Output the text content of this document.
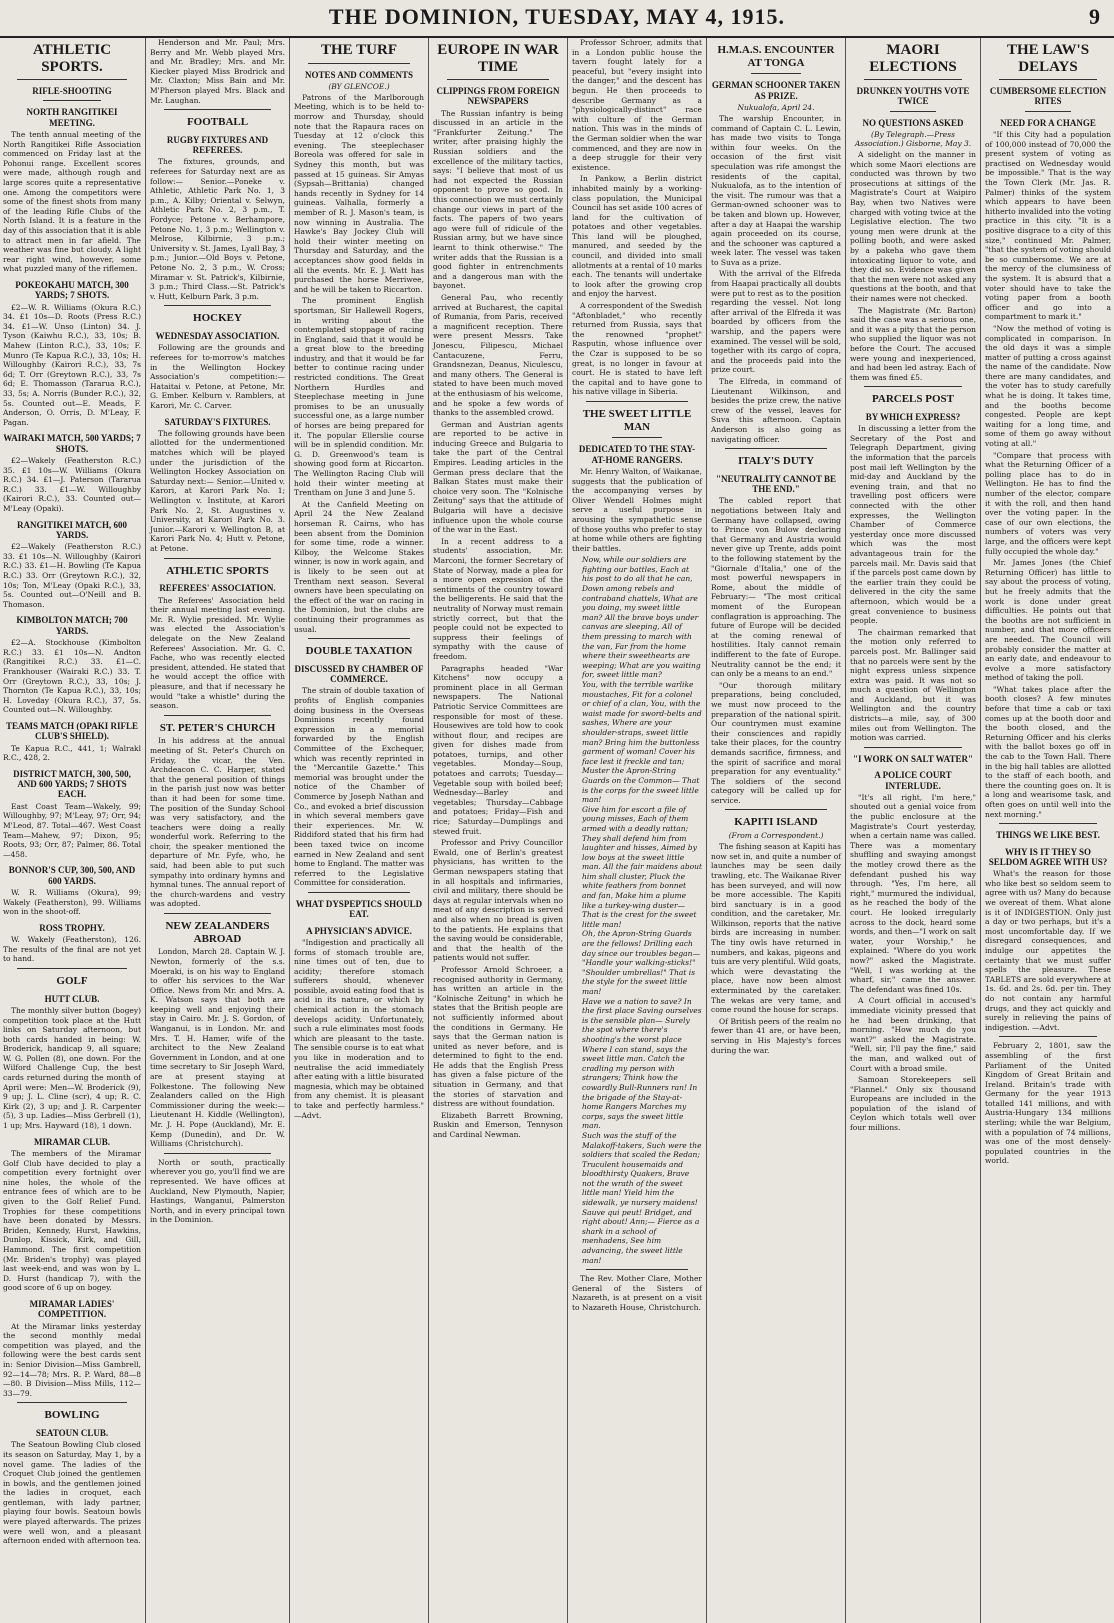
THE DOMINION, TUESDAY, MAY 4, 1915.	9
ATHLETIC SPORTS.
RIFLE-SHOOTING
NORTH RANGITIKEI MEETING.

The tenth annual meeting of the North Rangitikei Rifle Association commenced on Friday last at the Pohonui range. Excellent scores were made, although rough and large scores quite a representative one. Among the competitors were some of the finest shots from many of the leading Rifle Clubs of the North Island. It is a feature in the day of this association that it is able to attract men in far afield. The weather was fine but cloudy. A light rear right wind, however, some what puzzled many of the riflemen.

POKEOKAHU MATCH, 300 YARDS; 7 SHOTS.

£2—W. R. Williams (Okura R.C.) 34. £1 10s—D. Roots (Press R.C.) 34. £1—W. Unso (Linton) 34. J. Tyson (Kaiwhu R.C.), 33, 10s; B. Mahew (Linton R.C.), 33, 10s; F. Munro (Te Kapua R.C.), 33, 10s; H. Willoughby (Kairori R.C.), 33, 7s 6d; T. Orr (Greytown R.C.), 33, 7s 6d; E. Thomasson (Tararua R.C.), 33, 5s; A. Norris (Bunder R.C.), 32, 5s. Counted out—E. Meads, F. Anderson, O. Orris, D. M'Leay, F. Pagan.

WAIRAKI MATCH, 500 YARDS; 7 SHOTS.

£2—Wakely (Featherston R.C.) 35. £1 10s—W. Williams (Okura R.C.) 34. £1—J. Paterson (Tararua R.C.) 33. £1—W. Willoughby (Kairori R.C.), 33. Counted out—M'Leay (Opaki).

RANGITIKEI MATCH, 600 YARDS.

£2—Wakely (Featherston R.C.) 33. £1 10s—N. Willoughby (Kairori R.C.) 33. £1—H. Bowling (Te Kapua R.C.) 33. Orr (Greytown R.C.), 32, 10s; Ton, M'Leay (Opaki R.C.), 33, 5s. Counted out—O'Neill and B. Thomason.

KIMBOLTON MATCH; 700 YARDS.

£2—A. Stockhouse (Kimbolton R.C.) 33. £1 10s—N. Andton (Rangitikei R.C.) 33. £1—C. Frankhouser (Wairaki R.C.) 33. T. Orr (Greytown R.C.), 33, 10s; J. Thornton (Te Kapua R.C.), 33, 10s; H. Loveday (Okura R.C.), 37, 5s. Counted out—N. Willoughby.

TEAMS MATCH (OPAKI RIFLE CLUB'S SHIELD).

Te Kapua R.C., 441, 1; Walrakl R.C., 428, 2.

DISTRICT MATCH, 300, 500, AND 600 YARDS; 7 SHOTS EACH.

East Coast Team—Wakely, 99; Willoughby, 97; M'Leay, 97; Orr, 94; M'Leod, 87. Total—467. West Coast Team—Mahew, 97; Dixon, 95; Roots, 93; Orr, 87; Palmer, 86. Total—458.

BONNOR'S CUP, 300, 500, AND 600 YARDS.

W. R. Williams (Okura), 99; Wakely (Featherston), 99. Williams won in the shoot-off.

ROSS TROPHY.

W. Wakely (Featherston), 126. The results of the final are not yet to hand.

GOLF
HUTT CLUB.

The monthly silver button (bogey) competition took place at the Hutt links on Saturday afternoon, but both cards handed in being: W. Broderick, handicap 9, all square; W. G. Pollen (8), one down. For the Wilford Challenge Cup, the best cards returned during the month of April were: Men—W. Broderick (9), 9 up; J. L. Cline (scr), 4 up; R. C. Kirk (2), 3 up; and J. R. Carpenter (5), 3 up. Ladies—Miss Gerbrell (1), 1 up; Mrs. Hayward (18), 1 down.

MIRAMAR CLUB.

The members of the Miramar Golf Club have decided to play a competition every fortnight over nine holes, the whole of the entrance fees of which are to be given to the Golf Relief Fund. Trophies for these competitions have been donated by Messrs. Briden, Kennedy, Hurst, Hawkins, Dunlop, Kissick, Kirk, and Gill, Hammond. The first competition (Mr. Briden's trophy) was played last week-end, and was won by L. D. Hurst (handicap 7), with the good score of 6 up on bogey.

MIRAMAR LADIES' COMPETITION.

At the Miramar links yesterday the second monthly medal competition was played, and the following were the best cards sent in: Senior Division—Miss Gambrell, 92—14—78; Mrs. R. P. Ward, 88—8—80. B Division—Miss Mills, 112—33—79.

BOWLING
SEATOUN CLUB.

The Seatoun Bowling Club closed its season on Saturday, May 1, by a novel game. The ladies of the Croquet Club joined the gentlemen in bowls, and the gentlemen joined the ladies in croquet, each gentleman, with lady partner, playing four bowls. Seatoun bowls were played afterwards. The prizes were well won, and a pleasant afternoon ended with afternoon tea.

Henderson and Mr. Paul; Mrs. Berry and Mr. Webb played Mrs. and Mr. Bradley; Mrs. and Mr. Kiecker played Miss Brodrick and Mr. Claxton; Miss Bain and Mr. M'Pherson played Mrs. Black and Mr. Laughan.

FOOTBALL
RUGBY FIXTURES AND REFEREES.

The fixtures, grounds, and referees for Saturday next are as follow:— Senior.—Poneke v. Athletic, Athletic Park No. 1, 3 p.m., A. Kilby; Oriental v. Selwyn, Athletic Park No. 2, 3 p.m., T. Fordyce; Petone v. Berhampore, Petone No. 1, 3 p.m.; Wellington v. Melrose, Kilbirnie, 3 p.m.; University v. St. James, Lyall Bay, 3 p.m.; Junior.—Old Boys v. Petone, Petone No. 2, 3 p.m., W. Cross; Miramar v. St. Patrick's, Kilbirnie, 3 p.m.; Third Class.—St. Patrick's v. Hutt, Kelburn Park, 3 p.m.

HOCKEY
WEDNESDAY ASSOCIATION.

Following are the grounds and referees for to-morrow's matches in the Wellington Hockey Association's competition:— Hataitai v. Petone, at Petone, Mr. G. Ember. Kelburn v. Ramblers, at Karori, Mr. C. Carver.

SATURDAY'S FIXTURES.

The following grounds have been allotted for the undermentioned matches which will be played under the jurisdiction of the Wellington Hockey Association on Saturday next:— Senior.—United v. Karori, at Karori Park No. 1; Wellington v. Institute, at Karori Park No. 2, St. Augustines v. University, at Karori Park No. 3. Junior.—Karori v. Wellington B, at Karori Park No. 4; Hutt v. Petone, at Petone.

ATHLETIC SPORTS
REFEREES' ASSOCIATION.

The Referees' Association held their annual meeting last evening. Mr. R. Wylie presided. Mr. Wylie was elected the Association's delegate on the New Zealand Referees' Association. Mr. G. C. Fache, who was recently elected president, attended. He stated that he would accept the office with pleasure, and that if necessary he would "take a whistle" during the season.

ST. PETER'S CHURCH

In his address at the annual meeting of St. Peter's Church on Friday, the vicar, the Ven. Archdeacon C. C. Harper, stated that the general position of things in the parish just now was better than it had been for some time. The position of the Sunday School was very satisfactory, and the teachers were doing a really wonderful work. Referring to the choir, the speaker mentioned the departure of Mr. Fyfe, who, he said, had been able to put such sympathy into ordinary hymns and hymnal tunes. The annual report of the church-wardens and vestry was adopted.

NEW ZEALANDERS ABROAD

London, March 28. Captain W. J. Newton, formerly of the s.s. Moeraki, is on his way to England to offer his services to the War Office. News from Mr. and Mrs. A. K. Watson says that both are keeping well and enjoying their stay in Cairo. Mr. J. S. Gordon, of Wanganui, is in London. Mr. and Mrs. T. H. Hamer, wife of the architect to the New Zealand Government in London, and at one time secretary to Sir Joseph Ward, are at present staying at Folkestone. The following New Zealanders called on the High Commissioner during the week:—Lieutenant H. Kiddle (Wellington), Mr. J. H. Pope (Auckland), Mr. E. Kemp (Dunedin), and Dr. W. Williams (Christchurch).

North or south, practically wherever you go, you'll find we are represented. We have offices at Auckland, New Plymouth, Napier, Hastings, Wanganui, Palmerston North, and in every principal town in the Dominion.

THE TURF
NOTES AND COMMENTS
(BY GLENCOE.)

Patrons of the Marlborough Meeting, which is to be held to-morrow and Thursday, should note that the Rapaura races on Tuesday at 12 o'clock this evening. The steeplechaser Boreola was offered for sale in Sydney this month, but was passed at 15 guineas. Sir Amyas (Sypsah—Brittania) changed hands recently in Sydney for 14 guineas. Valhalla, formerly a member of R. J. Mason's team, is now winning in Australia. The Hawke's Bay Jockey Club will hold their winter meeting on Thursday and Saturday, and the acceptances show good fields in all the events. Mr. E. J. Watt has purchased the horse Merriwee, and he will be taken to Riccarton.

The prominent English sportsman, Sir Hallewell Rogers, in writing about the contemplated stoppage of racing in England, said that it would be a great blow to the breeding industry, and that it would be far better to continue racing under restricted conditions. The Great Northern Hurdles and Steeplechase meeting in June promises to be an unusually successful one, as a large number of horses are being prepared for it. The popular Ellerslie course will be in splendid condition. Mr. G. D. Greenwood's team is showing good form at Riccarton. The Wellington Racing Club will hold their winter meeting at Trentham on June 3 and June 5.

At the Canfield Meeting on April 24 the New Zealand horseman R. Cairns, who has been absent from the Dominion for some time, rode a winner. Kilboy, the Welcome Stakes winner, is now in work again, and is likely to be seen out at Trentham next season. Several owners have been speculating on the effect of the war on racing in the Dominion, but the clubs are continuing their programmes as usual.

DOUBLE TAXATION
DISCUSSED BY CHAMBER OF COMMERCE.

The strain of double taxation of profits of English companies doing business in the Overseas Dominions recently found expression in a memorial forwarded by the English Committee of the Exchequer, which was recently reprinted in the "Mercantile Gazette." This memorial was brought under the notice of the Chamber of Commerce by Joseph Nathan and Co., and evoked a brief discussion in which several members gave their experiences. Mr. W. Riddiford stated that his firm had been taxed twice on income earned in New Zealand and sent home to England. The matter was referred to the Legislative Committee for consideration.

WHAT DYSPEPTICS SHOULD EAT.
A PHYSICIAN'S ADVICE.

"Indigestion and practically all forms of stomach trouble are, nine times out of ten, due to acidity; therefore stomach sufferers should, whenever possible, avoid eating food that is acid in its nature, or which by chemical action in the stomach develops acidity. Unfortunately, such a rule eliminates most foods which are pleasant to the taste. The sensible course is to eat what you like in moderation and to neutralise the acid immediately after eating with a little bisurated magnesia, which may be obtained from any chemist. It is pleasant to take and perfectly harmless." —Advt.

EUROPE IN WAR TIME
CLIPPINGS FROM FOREIGN NEWSPAPERS

The Russian infantry is being discussed in an article in the "Frankfurter Zeitung." The writer, after praising highly the Russian soldiers and the excellence of the military tactics, says: "I believe that most of us had not expected the Russian opponent to prove so good. In this connection we must certainly change our views in part of the facts. The papers of two years ago were full of ridicule of the Russian army, but we have since learnt to think otherwise." The writer adds that the Russian is a good fighter in entrenchments and a dangerous man with the bayonet.

General Pau, who recently arrived at Bucharest, the capital of Rumania, from Paris, received a magnificent reception. There were present Messrs. Take Jonescu, Filipescu, Michael Cantacuzene, Ferru, Grandsnezan, Deanus, Niculescu, and many others. The General is stated to have been much moved at the enthusiasm of his welcome, and he spoke a few words of thanks to the assembled crowd.

German and Austrian agents are reported to be active in inducing Greece and Bulgaria to take the part of the Central Empires. Leading articles in the German press declare that the Balkan States must make their choice very soon. The "Kolnische Zeitung" says that the attitude of Bulgaria will have a decisive influence upon the whole course of the war in the East.

In a recent address to a students' association, Mr. Marconi, the former Secretary of State of Norway, made a plea for a more open expression of the sentiments of the country toward the belligerents. He said that the neutrality of Norway must remain strictly correct, but that the people could not be expected to suppress their feelings of sympathy with the cause of freedom.

Paragraphs headed "War Kitchens" now occupy a prominent place in all German newspapers. The National Patriotic Service Committees are responsible for most of these. Housewives are told how to cook without flour, and recipes are given for dishes made from potatoes, turnips, and other vegetables. Monday—Soup, potatoes and carrots; Tuesday—Vegetable soup with boiled beef; Wednesday—Barley and vegetables; Thursday—Cabbage and potatoes; Friday—Fish and rice; Saturday—Dumplings and stewed fruit.

Professor and Privy Councillor Ewald, one of Berlin's greatest physicians, has written to the German newspapers stating that in all hospitals and infirmaries, civil and military, there should be days at regular intervals when no meat of any description is served and also when no bread is given to the patients. He explains that the saving would be considerable, and that the health of the patients would not suffer.

Professor Arnold Schroeer, a recognised authority in Germany, has written an article in the "Kolnische Zeitung" in which he states that the British people are not sufficiently informed about the conditions in Germany. He says that the German nation is united as never before, and is determined to fight to the end. He adds that the English Press has given a false picture of the situation in Germany, and that the stories of starvation and distress are without foundation.

Elizabeth Barrett Browning, Ruskin and Emerson, Tennyson and Cardinal Newman.

Professor Schroer, admits that in a London public house the tavern fought lately for a peaceful, but "every insight into the danger," and the descent has begun. He then proceeds to describe Germany as a "physiologically-distinct" race with culture of the German nation. This was in the minds of the German soldier when the war commenced, and they are now in a deep struggle for their very existence.

In Pankow, a Berlin district inhabited mainly by a working-class population, the Municipal Council has set aside 100 acres of land for the cultivation of potatoes and other vegetables. This land will be ploughed, manured, and seeded by the council, and divided into small allotments at a rental of 10 marks each. The tenants will undertake to look after the growing crop and enjoy the harvest.

A correspondent of the Swedish "Aftonbladet," who recently returned from Russia, says that the renowned "prophet" Rasputin, whose influence over the Czar is supposed to be so great, is no longer in favour at court. He is stated to have left the capital and to have gone to his native village in Siberia.

THE SWEET LITTLE MAN
DEDICATED TO THE STAY-AT-HOME RANGERS.

Mr. Henry Walton, of Waikanae, suggests that the publication of the accompanying verses by Oliver Wendell Holmes might serve a useful purpose in arousing the sympathetic sense of those youths who prefer to stay at home while others are fighting their battles.

Now, while our soldiers are fighting our battles, Each at his post to do all that he can, Down among rebels and contraband chattels, What are you doing, my sweet little man? All the brave boys under canvas are sleeping, All of them pressing to march with the van, Far from the home where their sweethearts are weeping; What are you waiting for, sweet little man?
You, with the terrible warlike moustaches, Fit for a colonel or chief of a clan, You, with the waist made for sword-belts and sashes, Where are your shoulder-straps, sweet little man? Bring him the buttonless garment of woman! Cover his face lest it freckle and tan; Muster the Apron-String Guards on the Common— That is the corps for the sweet little man!
Give him for escort a file of young misses, Each of them armed with a deadly rattan; They shall defend him from laughter and hisses, Aimed by low boys at the sweet little man. All the fair maidens about him shall cluster, Pluck the white feathers from bonnet and fan, Make him a plume like a turkey-wing duster— That is the crest for the sweet little man!
Oh, the Apron-String Guards are the fellows! Drilling each day since our troubles began— "Handle your walking-sticks!" "Shoulder umbrellas!" That is the style for the sweet little man!
Have we a nation to save? In the first place Saving ourselves is the sensible plan— Surely the spot where there's shooting's the worst place Where I can stand, says the sweet little man. Catch the cradling my person with strangers; Think how the cowardly Bull-Runners ran! In the brigade of the Stay-at-home Rangers Marches my corps, says the sweet little man.
Such was the stuff of the Malakoff-takers, Such were the soldiers that scaled the Redan; Truculent housemaids and bloodthirsty Quakers, Brave not the wrath of the sweet little man! Yield him the sidewalk, ye nursery maidens! Sauve qui peut! Bridget, and right about! Ann;— Fierce as a shark in a school of menhadens, See him advancing, the sweet little man!

The Rev. Mother Clare, Mother General of the Sisters of Nazareth, is at present on a visit to Nazareth House, Christchurch.

H.M.A.S. ENCOUNTER AT TONGA
GERMAN SCHOONER TAKEN AS PRIZE.
Nukualofa, April 24.

The warship Encounter, in command of Captain C. L. Lewin, has made two visits to Tonga within four weeks. On the occasion of the first visit speculation was rife amongst the residents of the capital, Nukualofa, as to the intention of the visit. The rumour was that a German-owned schooner was to be taken and blown up. However, after a day at Haapai the warship again proceeded on its course, and the schooner was captured a week later. The vessel was taken to Suva as a prize.

With the arrival of the Elfreda from Haapai practically all doubts were put to rest as to the position regarding the vessel. Not long after arrival of the Elfreda it was boarded by officers from the warship, and the papers were examined. The vessel will be sold, together with its cargo of copra, and the proceeds paid into the prize court.

The Elfreda, in command of Lieutenant Wilkinson, and besides the prize crew, the native crew of the vessel, leaves for Suva this afternoon. Captain Anderson is also going as navigating officer.

ITALY'S DUTY
"NEUTRALITY CANNOT BE THE END."

The cabled report that negotiations between Italy and Germany have collapsed, owing to Prince von Bulow declaring that Germany and Austria would never give up Trente, adds point to the following statement by the "Giornale d'Italia," one of the most powerful newspapers in Rome, about the middle of February:— "The most critical moment of the European conflagration is approaching. The future of Europe will be decided at the coming renewal of hostilities. Italy cannot remain indifferent to the fate of Europe. Neutrality cannot be the end; it can only be a means to an end."

"Our thorough military preparations, being concluded, we must now proceed to the preparation of the national spirit. Our countrymen must examine their consciences and rapidly take their places, for the country demands sacrifice, firmness, and the spirit of sacrifice and moral preparation for any eventuality." The soldiers of the second category will be called up for service.

KAPITI ISLAND
(From a Correspondent.)

The fishing season at Kapiti has now set in, and quite a number of launches may be seen daily trawling, etc. The Waikanae River has been surveyed, and will now be more accessible. The Kapiti bird sanctuary is in a good condition, and the caretaker, Mr. Wilkinson, reports that the native birds are increasing in number. The tiny owls have returned in numbers, and kakas, pigeons and tuis are very plentiful. Wild goats, which were devastating the place, have now been almost exterminated by the caretaker. The wekas are very tame, and come round the house for scraps.

Of British peers of the realm no fewer than 41 are, or have been, serving in His Majesty's forces during the war.

MAORI ELECTIONS
DRUNKEN YOUTHS VOTE TWICE
NO QUESTIONS ASKED
(By Telegraph.—Press Association.) Gisborne, May 3.

A sidelight on the manner in which some Maori elections are conducted was thrown by two prosecutions at sittings of the Magistrate's Court at Waipiro Bay, when two Natives were charged with voting twice at the Legislative election. The two young men were drunk at the polling booth, and were asked by a pakeha who gave them intoxicating liquor to vote, and they did so. Evidence was given that the men were not asked any questions at the booth, and that their names were not checked.

The Magistrate (Mr. Barton) said the case was a serious one, and it was a pity that the person who supplied the liquor was not before the Court. The accused were young and inexperienced, and had been led astray. Each of them was fined £5.

PARCELS POST
BY WHICH EXPRESS?

In discussing a letter from the Secretary of the Post and Telegraph Department, giving the information that the parcels post mail left Wellington by the mid-day and Auckland by the evening train, and that no travelling post officers were connected with the other expresses, the Wellington Chamber of Commerce yesterday once more discussed which was the most advantageous train for the parcels mail. Mr. Davis said that if the parcels post came down by the earlier train they could be delivered in the city the same afternoon, which would be a great convenience to business people.

The chairman remarked that the motion only referred to parcels post. Mr. Ballinger said that no parcels were sent by the night express unless sixpence extra was paid. It was not so much a question of Wellington and Auckland, but it was Wellington and the country districts—a mile, say, of 300 miles out from Wellington. The motion was carried.

"I WORK ON SALT WATER"
A POLICE COURT INTERLUDE.

"It's all right, I'm here," shouted out a genial voice from the public enclosure at the Magistrate's Court yesterday, when a certain name was called. There was a momentary shuffling and swaying amongst the motley crowd there as the defendant pushed his way through. "Yes, I'm here, all right," murmured the individual, as he reached the body of the court. He looked irregularly across to the dock, heard some words, and then—"I work on salt water, your Worship," he explained. "Where do you work now?" asked the Magistrate. "Well, I was working at the wharf, sir," came the answer. The defendant was fined 10s.

A Court official in accused's immediate vicinity pressed that he had been drinking, that morning. "How much do you want?" asked the Magistrate. "Well, sir, I'll pay the fine," said the man, and walked out of Court with a broad smile.

Samoan Storekeepers sell "Flannel." Only six thousand Europeans are included in the population of the island of Ceylon which totals well over four millions.

THE LAW'S DELAYS
CUMBERSOME ELECTION RITES
NEED FOR A CHANGE

"If this City had a population of 100,000 instead of 70,000 the present system of voting as practised on Wednesday would be impossible." That is the way the Town Clerk (Mr. Jas. R. Palmer) thinks of the system which appears to have been hitherto invalided into the voting practice in this city. "It is a positive disgrace to a city of this size," continued Mr. Palmer, "that the system of voting should be so cumbersome. We are at the mercy of the clumsiness of the system. It is absurd that a voter should have to take the voting paper from a booth officer and go into a compartment to mark it."

"Now the method of voting is complicated in comparison. In the old days it was a simple matter of putting a cross against the name of the candidate. Now there are many candidates, and the voter has to study carefully what he is doing. It takes time, and the booths become congested. People are kept waiting for a long time, and some of them go away without voting at all."

"Compare that process with what the Returning Officer of a polling place has to do in Wellington. He has to find the number of the elector, compare it with the roll, and then hand over the voting paper. In the case of our own elections, the numbers of voters was very large, and the officers were kept fully occupied the whole day."

Mr. James Jones (the Chief Returning Officer) has little to say about the process of voting, but he freely admits that the work is done under great difficulties. He points out that the booths are not sufficient in number, and that more officers are needed. The Council will probably consider the matter at an early date, and endeavour to evolve a more satisfactory method of taking the poll.

"What takes place after the booth closes? A few minutes before that time a cab or taxi comes up at the booth door and the booth closed, and the Returning Officer and his clerks with the ballot boxes go off in the cab to the Town Hall. There in the big hall tables are allotted to the staff of each booth, and there the counting goes on. It is a long and wearisome task, and often goes on until well into the next morning."

THINGS WE LIKE BEST.
WHY IS IT THEY SO SELDOM AGREE WITH US?

What's the reason for those who like best so seldom seem to agree with us? Many do because we overeat of them. What alone is it of INDIGESTION. Only just a day or two perhaps, but it's a most uncomfortable day. If we disregard consequences, and indulge our appetites the certainty that we must suffer spells the pleasure. These TABLETS are sold everywhere at 1s. 6d. and 2s. 6d. per tin. They do not contain any harmful drugs, and they act quickly and surely in relieving the pains of indigestion. —Advt.

February 2, 1801, saw the assembling of the first Parliament of the United Kingdom of Great Britain and Ireland. Britain's trade with Germany for the year 1913 totalled 141 millions, and with Austria-Hungary 134 millions sterling; while the war Belgium, with a population of 74 millions, was one of the most densely-populated countries in the world.
